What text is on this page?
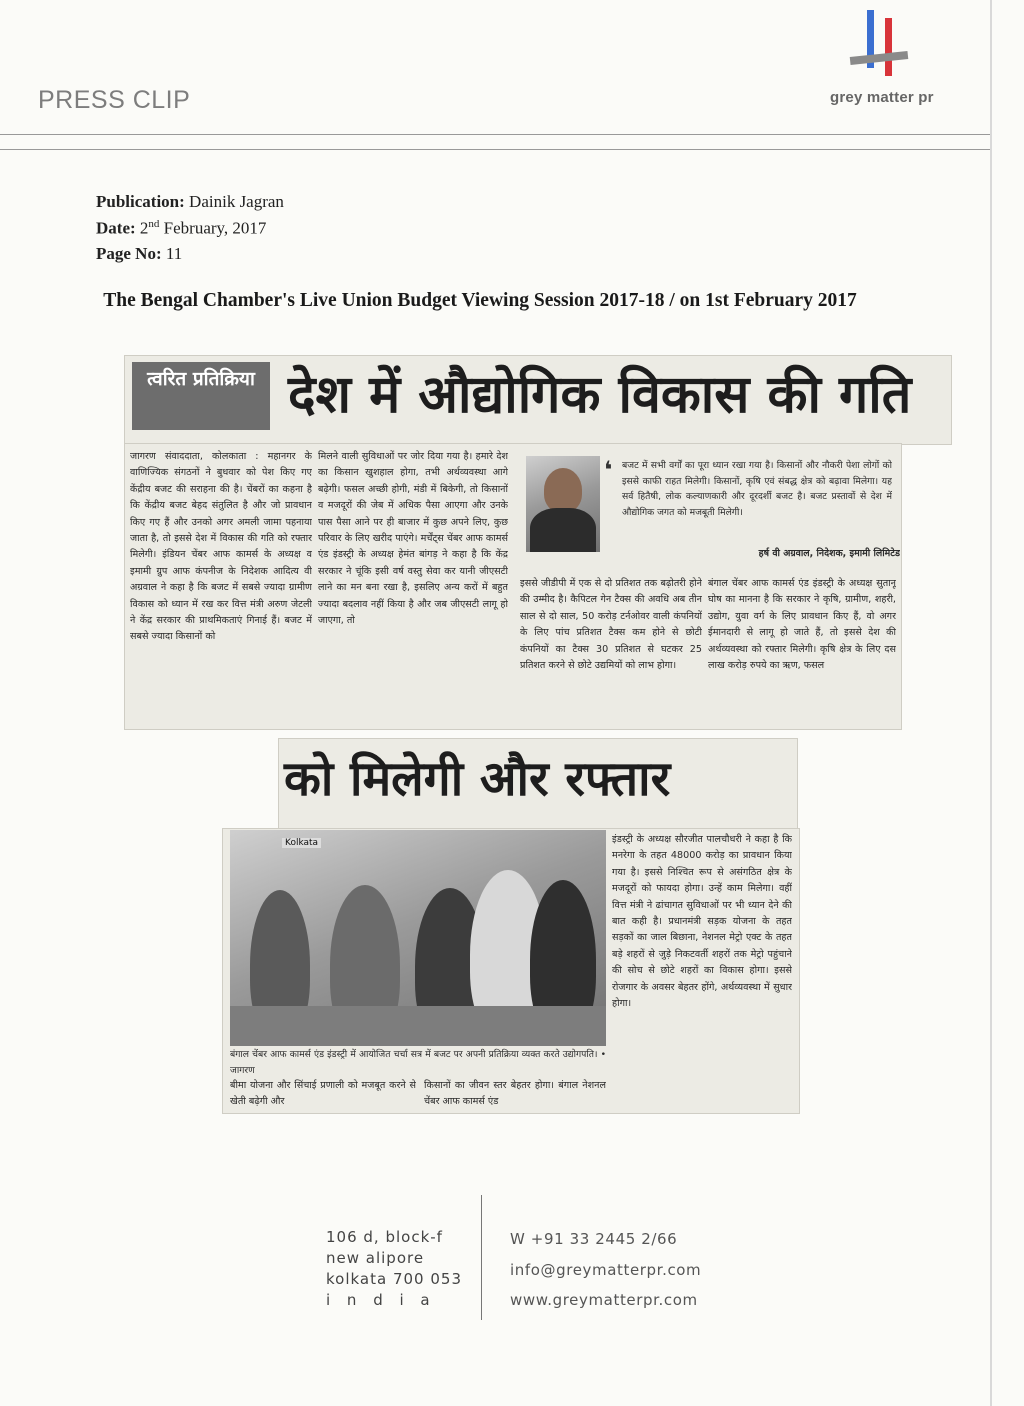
PRESS CLIP	grey matter pr
Publication: Dainik Jagran
Date: 2nd February, 2017
Page No: 11
The Bengal Chamber's Live Union Budget Viewing Session 2017-18 / on 1st February 2017
त्वरित प्रतिक्रिया देश में औद्योगिक विकास की गति
जागरण संवाददाता, कोलकाता : महानगर के वाणिज्यिक संगठनों ने बुधवार को पेश किए गए केंद्रीय बजट की सराहना की है। चेंबरों का कहना है कि केंद्रीय बजट बेहद संतुलित है और जो प्रावधान किए गए हैं और उनको अगर अमली जामा पहनाया जाता है, तो इससे देश में विकास की गति को रफ्तार मिलेगी। इंडियन चेंबर आफ कामर्स के अध्यक्ष व इमामी ग्रुप आफ कंपनीज के निदेशक आदित्य वी अग्रवाल ने कहा है कि बजट में सबसे ज्यादा ग्रामीण विकास को ध्यान में रख कर वित्त मंत्री अरुण जेटली ने केंद्र सरकार की प्राथमिकताएं गिनाई हैं। बजट में सबसे ज्यादा किसानों को
मिलने वाली सुविधाओं पर जोर दिया गया है। हमारे देश का किसान खुशहाल होगा, तभी अर्थव्यवस्था आगे बढ़ेगी। फसल अच्छी होगी, मंडी में बिकेगी, तो किसानों व मजदूरों की जेब में अधिक पैसा आएगा और उनके पास पैसा आने पर ही बाजार में कुछ अपने लिए, कुछ परिवार के लिए खरीद पाएंगे। मर्चेंट्स चेंबर आफ कामर्स एंड इंडस्ट्री के अध्यक्ष हेमंत बांगड़ ने कहा है कि केंद्र सरकार ने चूंकि इसी वर्ष वस्तु सेवा कर यानी जीएसटी लाने का मन बना रखा है, इसलिए अन्य करों में बहुत ज्यादा बदलाव नहीं किया है और जब जीएसटी लागू हो जाएगा, तो
❛ बजट में सभी वर्गों का पूरा ध्यान रखा गया है। किसानों और नौकरी पेशा लोगों को इससे काफी राहत मिलेगी। किसानों, कृषि एवं संबद्ध क्षेत्र को बढ़ावा मिलेगा। यह सर्व हितैषी, लोक कल्याणकारी और दूरदर्शी बजट है। बजट प्रस्तावों से देश में औद्योगिक जगत को मजबूती मिलेगी।
हर्ष वी अग्रवाल, निदेशक, इमामी लिमिटेड
इससे जीडीपी में एक से दो प्रतिशत तक बढ़ोतरी होने की उम्मीद है। कैपिटल गेन टैक्स की अवधि अब तीन साल से दो साल, 50 करोड़ टर्नओवर वाली कंपनियों के लिए पांच प्रतिशत टैक्स कम होने से छोटी कंपनियों का टैक्स 30 प्रतिशत से घटकर 25 प्रतिशत करने से छोटे उद्यमियों को लाभ होगा।
बंगाल चेंबर आफ कामर्स एंड इंडस्ट्री के अध्यक्ष सुतानू घोष का मानना है कि सरकार ने कृषि, ग्रामीण, शहरी, उद्योग, युवा वर्ग के लिए प्रावधान किए हैं, वो अगर ईमानदारी से लागू हो जाते हैं, तो इससे देश की अर्थव्यवस्था को रफ्तार मिलेगी। कृषि क्षेत्र के लिए दस लाख करोड़ रुपये का ऋण, फसल
को मिलेगी और रफ्तार
Kolkata
बंगाल चेंबर आफ कामर्स एंड इंडस्ट्री में आयोजित चर्चा सत्र में बजट पर अपनी प्रतिक्रिया व्यक्त करते उद्योगपति। • जागरण
बीमा योजना और सिंचाई प्रणाली को मजबूत करने से खेती बढ़ेगी और
किसानों का जीवन स्तर बेहतर होगा। बंगाल नेशनल चेंबर आफ कामर्स एंड
इंडस्ट्री के अध्यक्ष सौरजीत पालचौधरी ने कहा है कि मनरेगा के तहत 48000 करोड़ का प्रावधान किया गया है। इससे निश्चित रूप से असंगठित क्षेत्र के मजदूरों को फायदा होगा। उन्हें काम मिलेगा। वहीं वित्त मंत्री ने ढांचागत सुविधाओं पर भी ध्यान देने की बात कही है। प्रधानमंत्री सड़क योजना के तहत सड़कों का जाल बिछाना, नेशनल मेट्रो एक्ट के तहत बड़े शहरों से जुड़े निकटवर्ती शहरों तक मेट्रो पहुंचाने की सोच से छोटे शहरों का विकास होगा। इससे रोजगार के अवसर बेहतर होंगे, अर्थव्यवस्था में सुधार होगा।
106 d, block-f
new alipore
kolkata 700 053
i n d i a
W +91 33 2445 2/66
info@greymatterpr.com
www.greymatterpr.com
